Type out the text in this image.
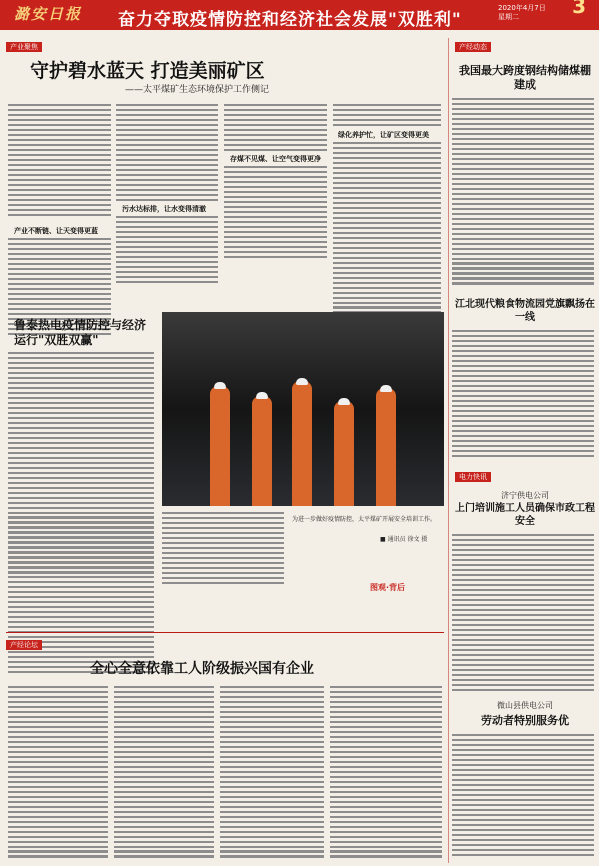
潞安日报 奋力夺取疫情防控和经济社会发展"双胜利"
2020年4月7日
星期二	3
产业聚焦
守护碧水蓝天 打造美丽矿区
——太平煤矿生态环境保护工作侧记
产业不断链、让天变得更蓝
污水达标排，让水变得清澈
存煤不见煤、让空气变得更净
绿化养护忙，让矿区变得更美
鲁泰热电疫情防控与经济运行"双胜双赢"
为进一步做好疫情防控，太平煤矿开展安全培训工作。
■ 通讯员 徐文 摄
图观·背后
产经动态
我国最大跨度钢结构储煤棚建成
江北现代粮食物流园党旗飘扬在一线
电力快讯
济宁供电公司
上门培训施工人员确保市政工程安全
微山县供电公司
劳动者特别服务优
产经论坛
全心全意依靠工人阶级振兴国有企业
